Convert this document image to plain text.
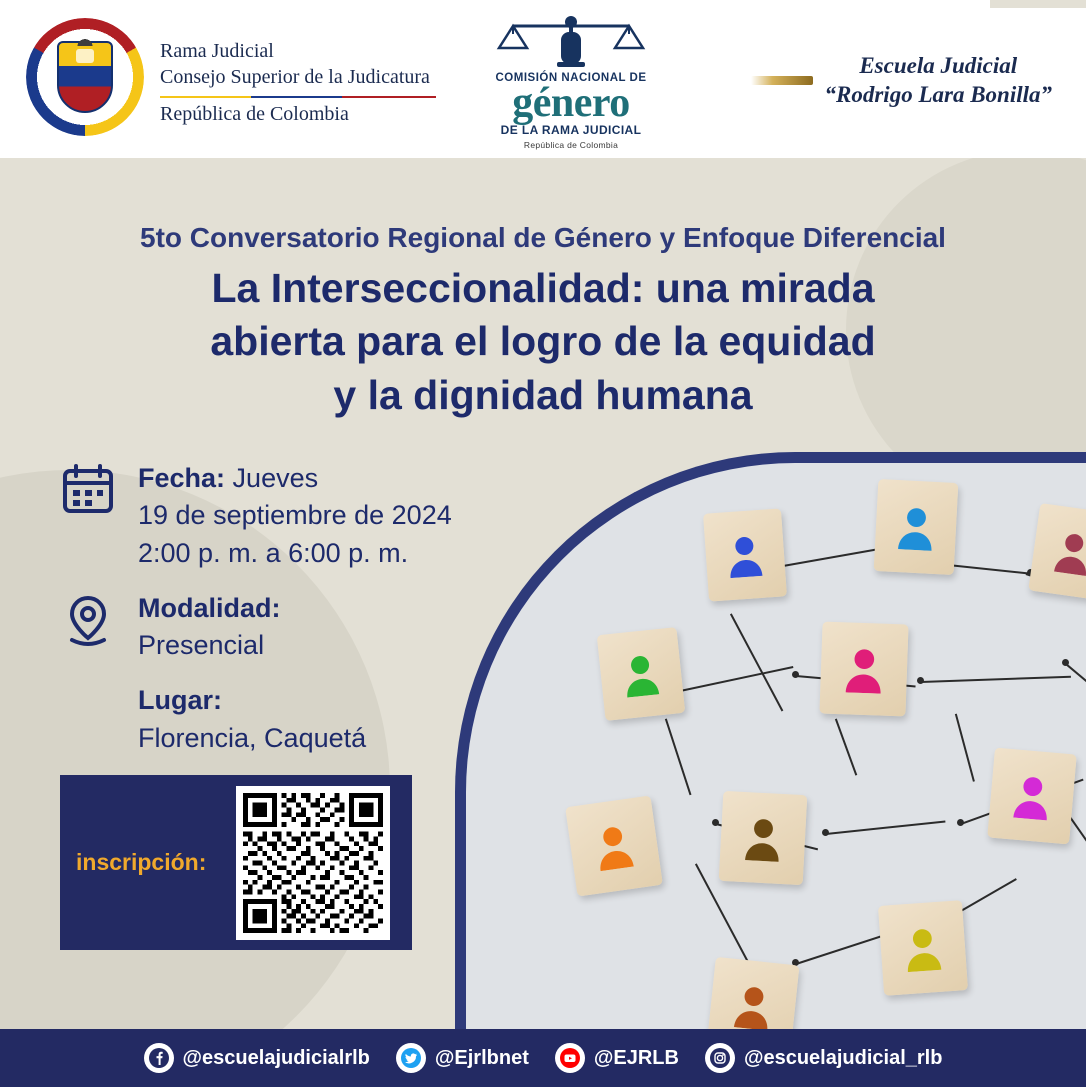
Rama Judicial
Consejo Superior de la Judicatura
República de Colombia
COMISIÓN NACIONAL DE
género
DE LA RAMA JUDICIAL
República de Colombia
Escuela Judicial
“Rodrigo Lara Bonilla”
5to Conversatorio Regional de Género y Enfoque Diferencial
La Interseccionalidad: una mirada
abierta para el logro de la equidad
y la dignidad humana
Fecha: Jueves
19 de septiembre de 2024
2:00 p. m. a 6:00 p. m.
Modalidad:
Presencial
Lugar:
Florencia, Caquetá
inscripción:
@escuelajudicialrlb	@Ejrlbnet	@EJRLB	@escuelajudicial_rlb
